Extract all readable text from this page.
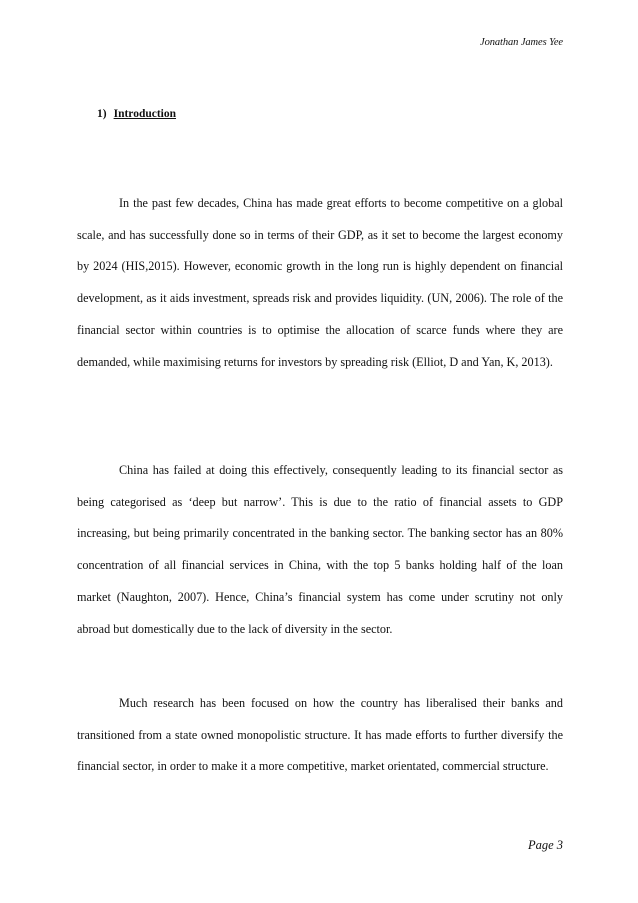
Jonathan James Yee
1) Introduction

In the past few decades, China has made great efforts to become competitive on a global scale, and has successfully done so in terms of their GDP, as it set to become the largest economy by 2024 (HIS,2015). However, economic growth in the long run is highly dependent on financial development, as it aids investment, spreads risk and provides liquidity. (UN, 2006). The role of the financial sector within countries is to optimise the allocation of scarce funds where they are demanded, while maximising returns for investors by spreading risk (Elliot, D and Yan, K, 2013).

China has failed at doing this effectively, consequently leading to its financial sector as being categorised as ‘deep but narrow’. This is due to the ratio of financial assets to GDP increasing, but being primarily concentrated in the banking sector. The banking sector has an 80% concentration of all financial services in China, with the top 5 banks holding half of the loan market (Naughton, 2007). Hence, China’s financial system has come under scrutiny not only abroad but domestically due to the lack of diversity in the sector.

Much research has been focused on how the country has liberalised their banks and transitioned from a state owned monopolistic structure. It has made efforts to further diversify the financial sector, in order to make it a more competitive, market orientated, commercial structure.

Page 3
